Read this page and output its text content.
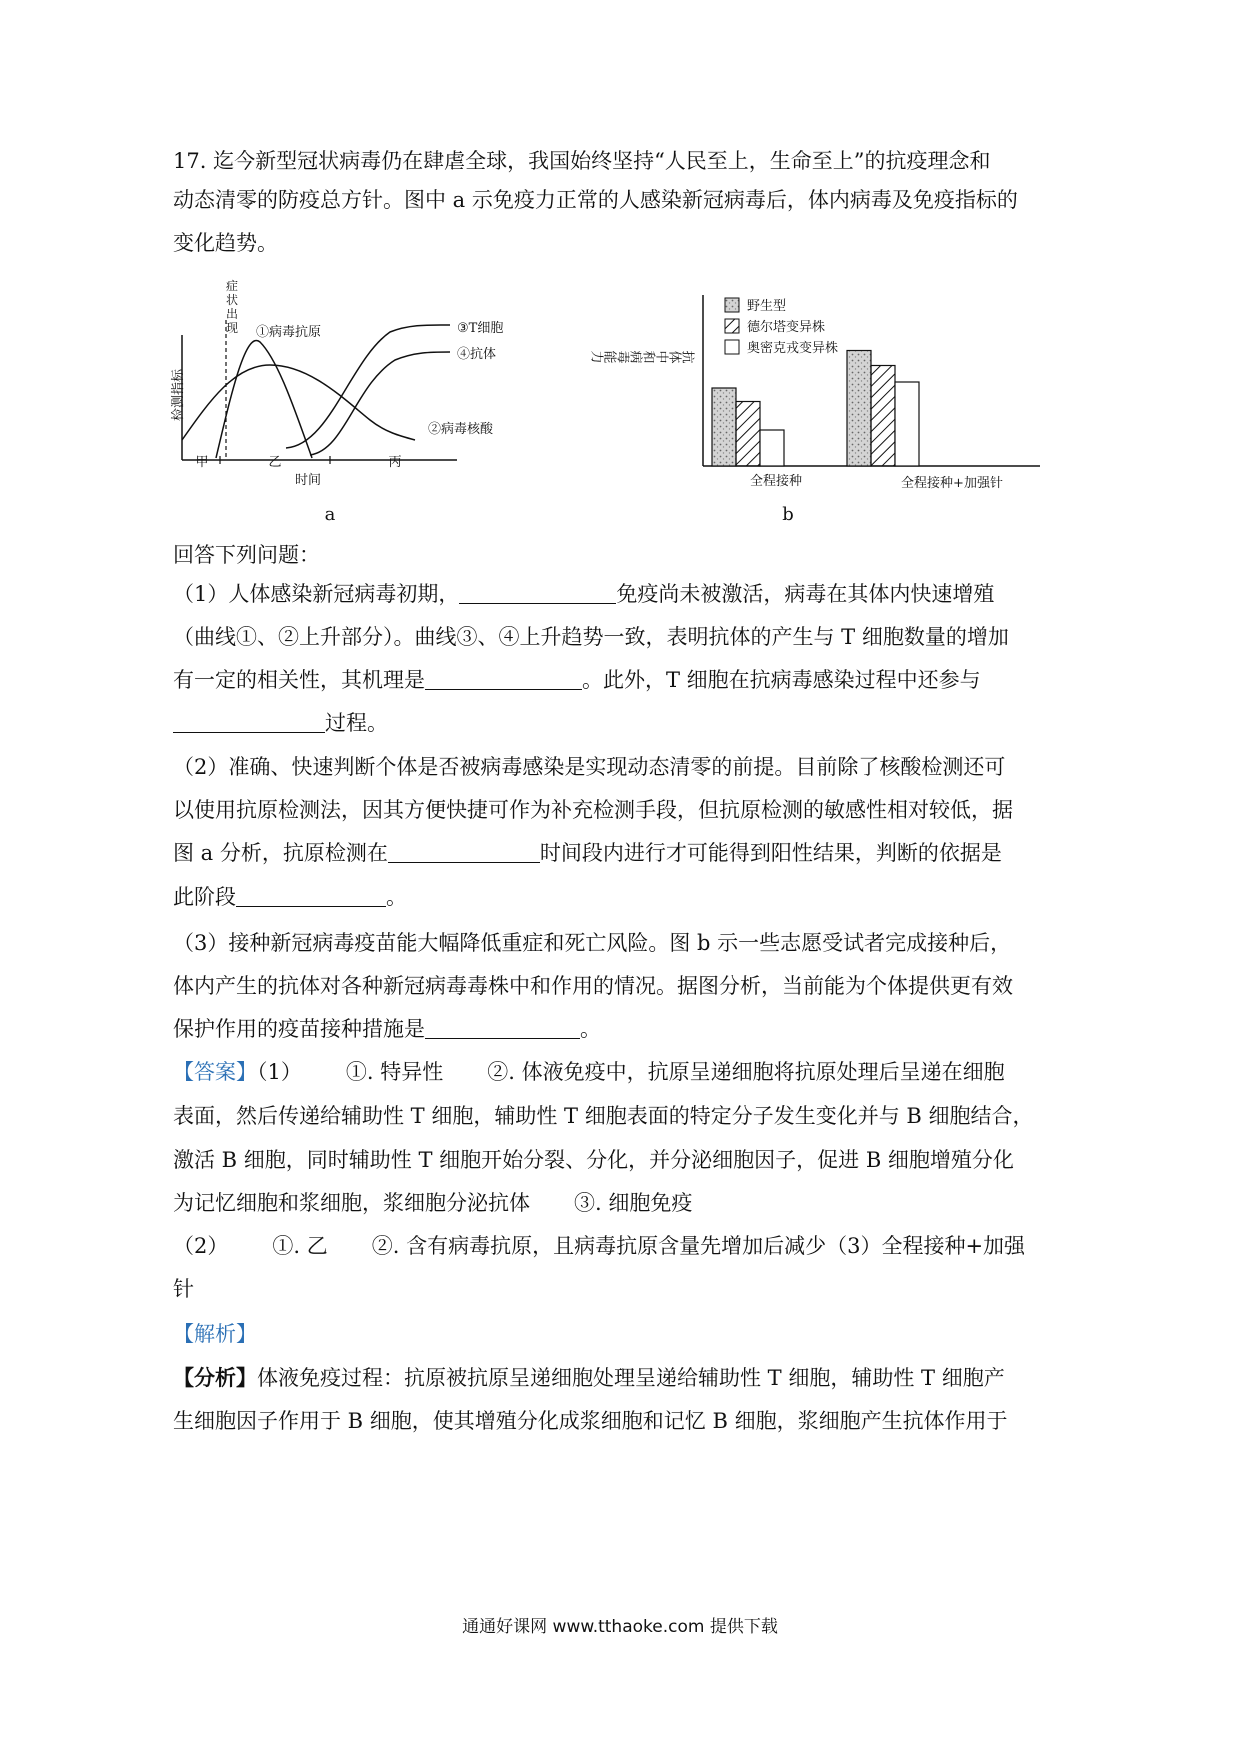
17. 迄今新型冠状病毒仍在肆虐全球，我国始终坚持“人民至上，生命至上”的抗疫理念和
动态清零的防疫总方针。图中 a 示免疫力正常的人感染新冠病毒后，体内病毒及免疫指标的
变化趋势。
检测指标
症
状
出
现 ①病毒抗原	③T细胞
④抗体
②病毒核酸
甲	乙	丙
时间
a
抗体中和病毒能力
野生型
德尔塔变异株
奥密克戎变异株
全程接种	全程接种+加强针
b
回答下列问题：
（1）人体感染新冠病毒初期，	免疫尚未被激活，病毒在其体内快速增殖
（曲线①、②上升部分）。曲线③、④上升趋势一致，表明抗体的产生与 T 细胞数量的增加
有一定的相关性，其机理是	。此外，T 细胞在抗病毒感染过程中还参与
过程。
（2）准确、快速判断个体是否被病毒感染是实现动态清零的前提。目前除了核酸检测还可
以使用抗原检测法，因其方便快捷可作为补充检测手段，但抗原检测的敏感性相对较低，据
图 a 分析，抗原检测在	时间段内进行才可能得到阳性结果，判断的依据是
此阶段	。
（3）接种新冠病毒疫苗能大幅降低重症和死亡风险。图 b 示一些志愿受试者完成接种后，
体内产生的抗体对各种新冠病毒毒株中和作用的情况。据图分析，当前能为个体提供更有效
保护作用的疫苗接种措施是	。
【答案】（1） ①. 特异性 ②. 体液免疫中，抗原呈递细胞将抗原处理后呈递在细胞
表面，然后传递给辅助性 T 细胞，辅助性 T 细胞表面的特定分子发生变化并与 B 细胞结合，
激活 B 细胞，同时辅助性 T 细胞开始分裂、分化，并分泌细胞因子，促进 B 细胞增殖分化
为记忆细胞和浆细胞，浆细胞分泌抗体 ③. 细胞免疫
（2） ①. 乙 ②. 含有病毒抗原，且病毒抗原含量先增加后减少（3）全程接种+加强
针
【解析】
【分析】体液免疫过程：抗原被抗原呈递细胞处理呈递给辅助性 T 细胞，辅助性 T 细胞产
生细胞因子作用于 B 细胞，使其增殖分化成浆细胞和记忆 B 细胞，浆细胞产生抗体作用于
通通好课网 www.tthaoke.com 提供下载
